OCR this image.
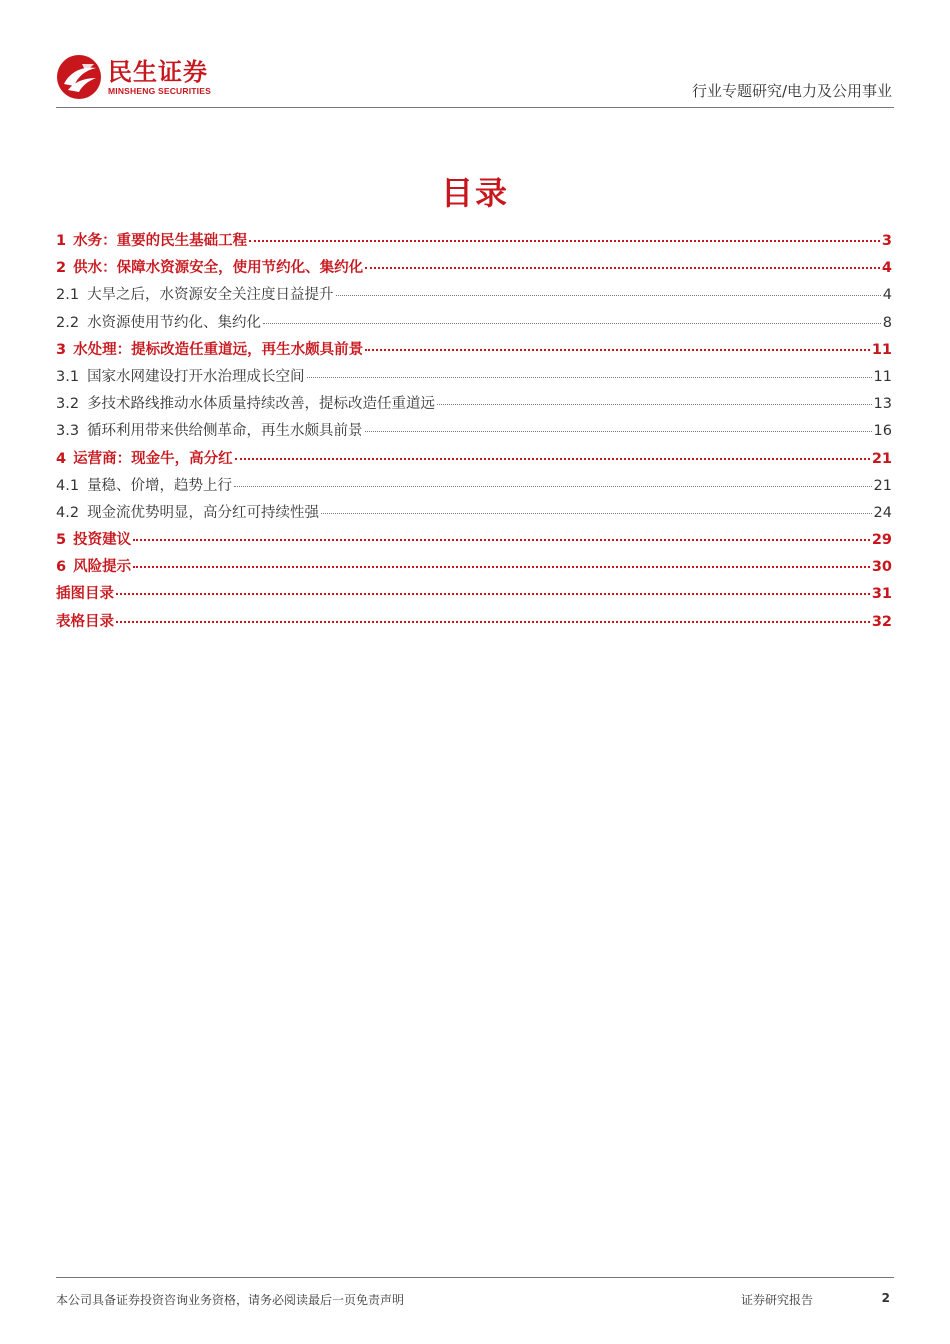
民生证券
MINSHENG SECURITIES	行业专题研究/电力及公用事业
目录
1 水务：重要的民生基础工程	3
2 供水：保障水资源安全，使用节约化、集约化	4
2.1 大旱之后，水资源安全关注度日益提升	4
2.2 水资源使用节约化、集约化	8
3 水处理：提标改造任重道远，再生水颇具前景	11
3.1 国家水网建设打开水治理成长空间	11
3.2 多技术路线推动水体质量持续改善，提标改造任重道远	13
3.3 循环利用带来供给侧革命，再生水颇具前景	16
4 运营商：现金牛，高分红	21
4.1 量稳、价增，趋势上行	21
4.2 现金流优势明显，高分红可持续性强	24
5 投资建议	29
6 风险提示	30
插图目录	31
表格目录	32
本公司具备证券投资咨询业务资格，请务必阅读最后一页免责声明	证券研究报告	2
